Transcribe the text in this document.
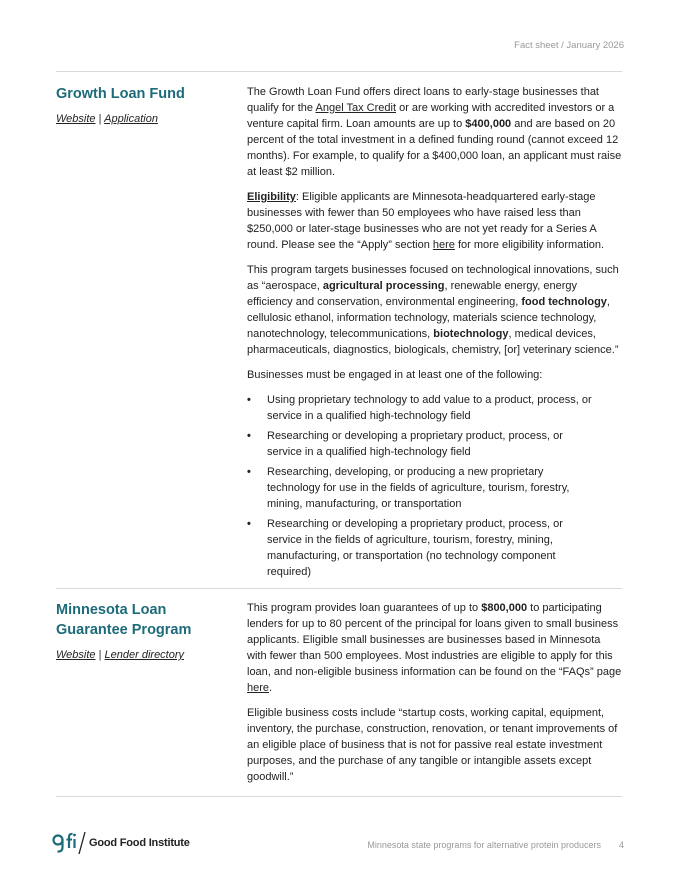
Fact sheet / January 2026
Growth Loan Fund
Website | Application

The Growth Loan Fund offers direct loans to early-stage businesses that qualify for the Angel Tax Credit or are working with accredited investors or a venture capital firm. Loan amounts are up to $400,000 and are based on 20 percent of the total investment in a defined funding round (cannot exceed 12 months). For example, to qualify for a $400,000 loan, an applicant must raise at least $2 million.

Eligibility: Eligible applicants are Minnesota-headquartered early-stage businesses with fewer than 50 employees who have raised less than $250,000 or later-stage businesses who are not yet ready for a Series A round. Please see the “Apply” section here for more eligibility information.

This program targets businesses focused on technological innovations, such as “aerospace, agricultural processing, renewable energy, energy efficiency and conservation, environmental engineering, food technology, cellulosic ethanol, information technology, materials science technology, nanotechnology, telecommunications, biotechnology, medical devices, pharmaceuticals, diagnostics, biologicals, chemistry, [or] veterinary science.”

Businesses must be engaged in at least one of the following:

• Using proprietary technology to add value to a product, process, or service in a qualified high-technology field
• Researching or developing a proprietary product, process, or service in a qualified high-technology field
• Researching, developing, or producing a new proprietary technology for use in the fields of agriculture, tourism, forestry, mining, manufacturing, or transportation
• Researching or developing a proprietary product, process, or service in the fields of agriculture, tourism, forestry, mining, manufacturing, or transportation (no technology component required)
Minnesota Loan Guarantee Program
Website | Lender directory

This program provides loan guarantees of up to $800,000 to participating lenders for up to 80 percent of the principal for loans given to small business applicants. Eligible small businesses are businesses based in Minnesota with fewer than 500 employees. Most industries are eligible to apply for this loan, and non-eligible business information can be found on the “FAQs” page here.

Eligible business costs include “startup costs, working capital, equipment, inventory, the purchase, construction, renovation, or tenant improvements of an eligible place of business that is not for passive real estate investment purposes, and the purchase of any tangible or intangible assets except goodwill.”

Good Food Institute	Minnesota state programs for alternative protein producers 4
